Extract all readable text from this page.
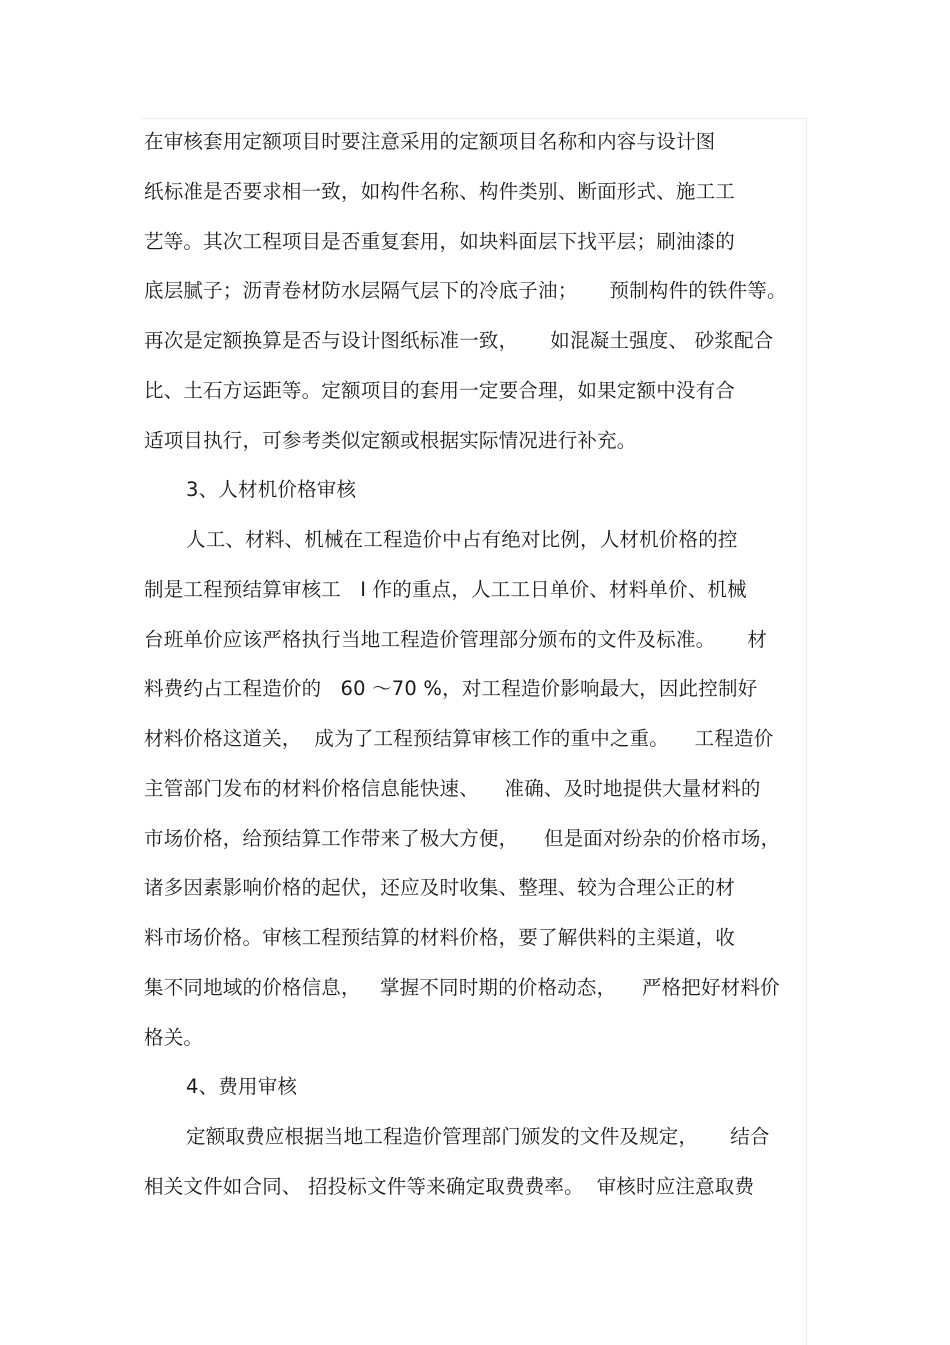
在审核套用定额项目时要注意采用的定额项目名称和内容与设计图
纸标准是否要求相一致，如构件名称、构件类别、断面形式、施工工
艺等。其次工程项目是否重复套用，如块料面层下找平层；刷油漆的
底层腻子；沥青卷材防水层隔气层下的冷底子油；     预制构件的铁件等。
再次是定额换算是否与设计图纸标准一致，     如混凝土强度、 砂浆配合
比、土石方运距等。定额项目的套用一定要合理，如果定额中没有合
适项目执行，可参考类似定额或根据实际情况进行补充。
3、人材机价格审核
人工、材料、机械在工程造价中占有绝对比例，人材机价格的控
制是工程预结算审核工   I 作的重点，人工工日单价、材料单价、机械
台班单价应该严格执行当地工程造价管理部分颁布的文件及标准。     材
料费约占工程造价的   60 ～70 %，对工程造价影响最大，因此控制好
材料价格这道关，  成为了工程预结算审核工作的重中之重。    工程造价
主管部门发布的材料价格信息能快速、    准确、及时地提供大量材料的
市场价格，给预结算工作带来了极大方便，    但是面对纷杂的价格市场，
诸多因素影响价格的起伏，还应及时收集、整理、较为合理公正的材
料市场价格。审核工程预结算的材料价格，要了解供料的主渠道，收
集不同地域的价格信息，   掌握不同时期的价格动态，    严格把好材料价
格关。
4、费用审核
定额取费应根据当地工程造价管理部门颁发的文件及规定，     结合
相关文件如合同、 招投标文件等来确定取费费率。  审核时应注意取费
